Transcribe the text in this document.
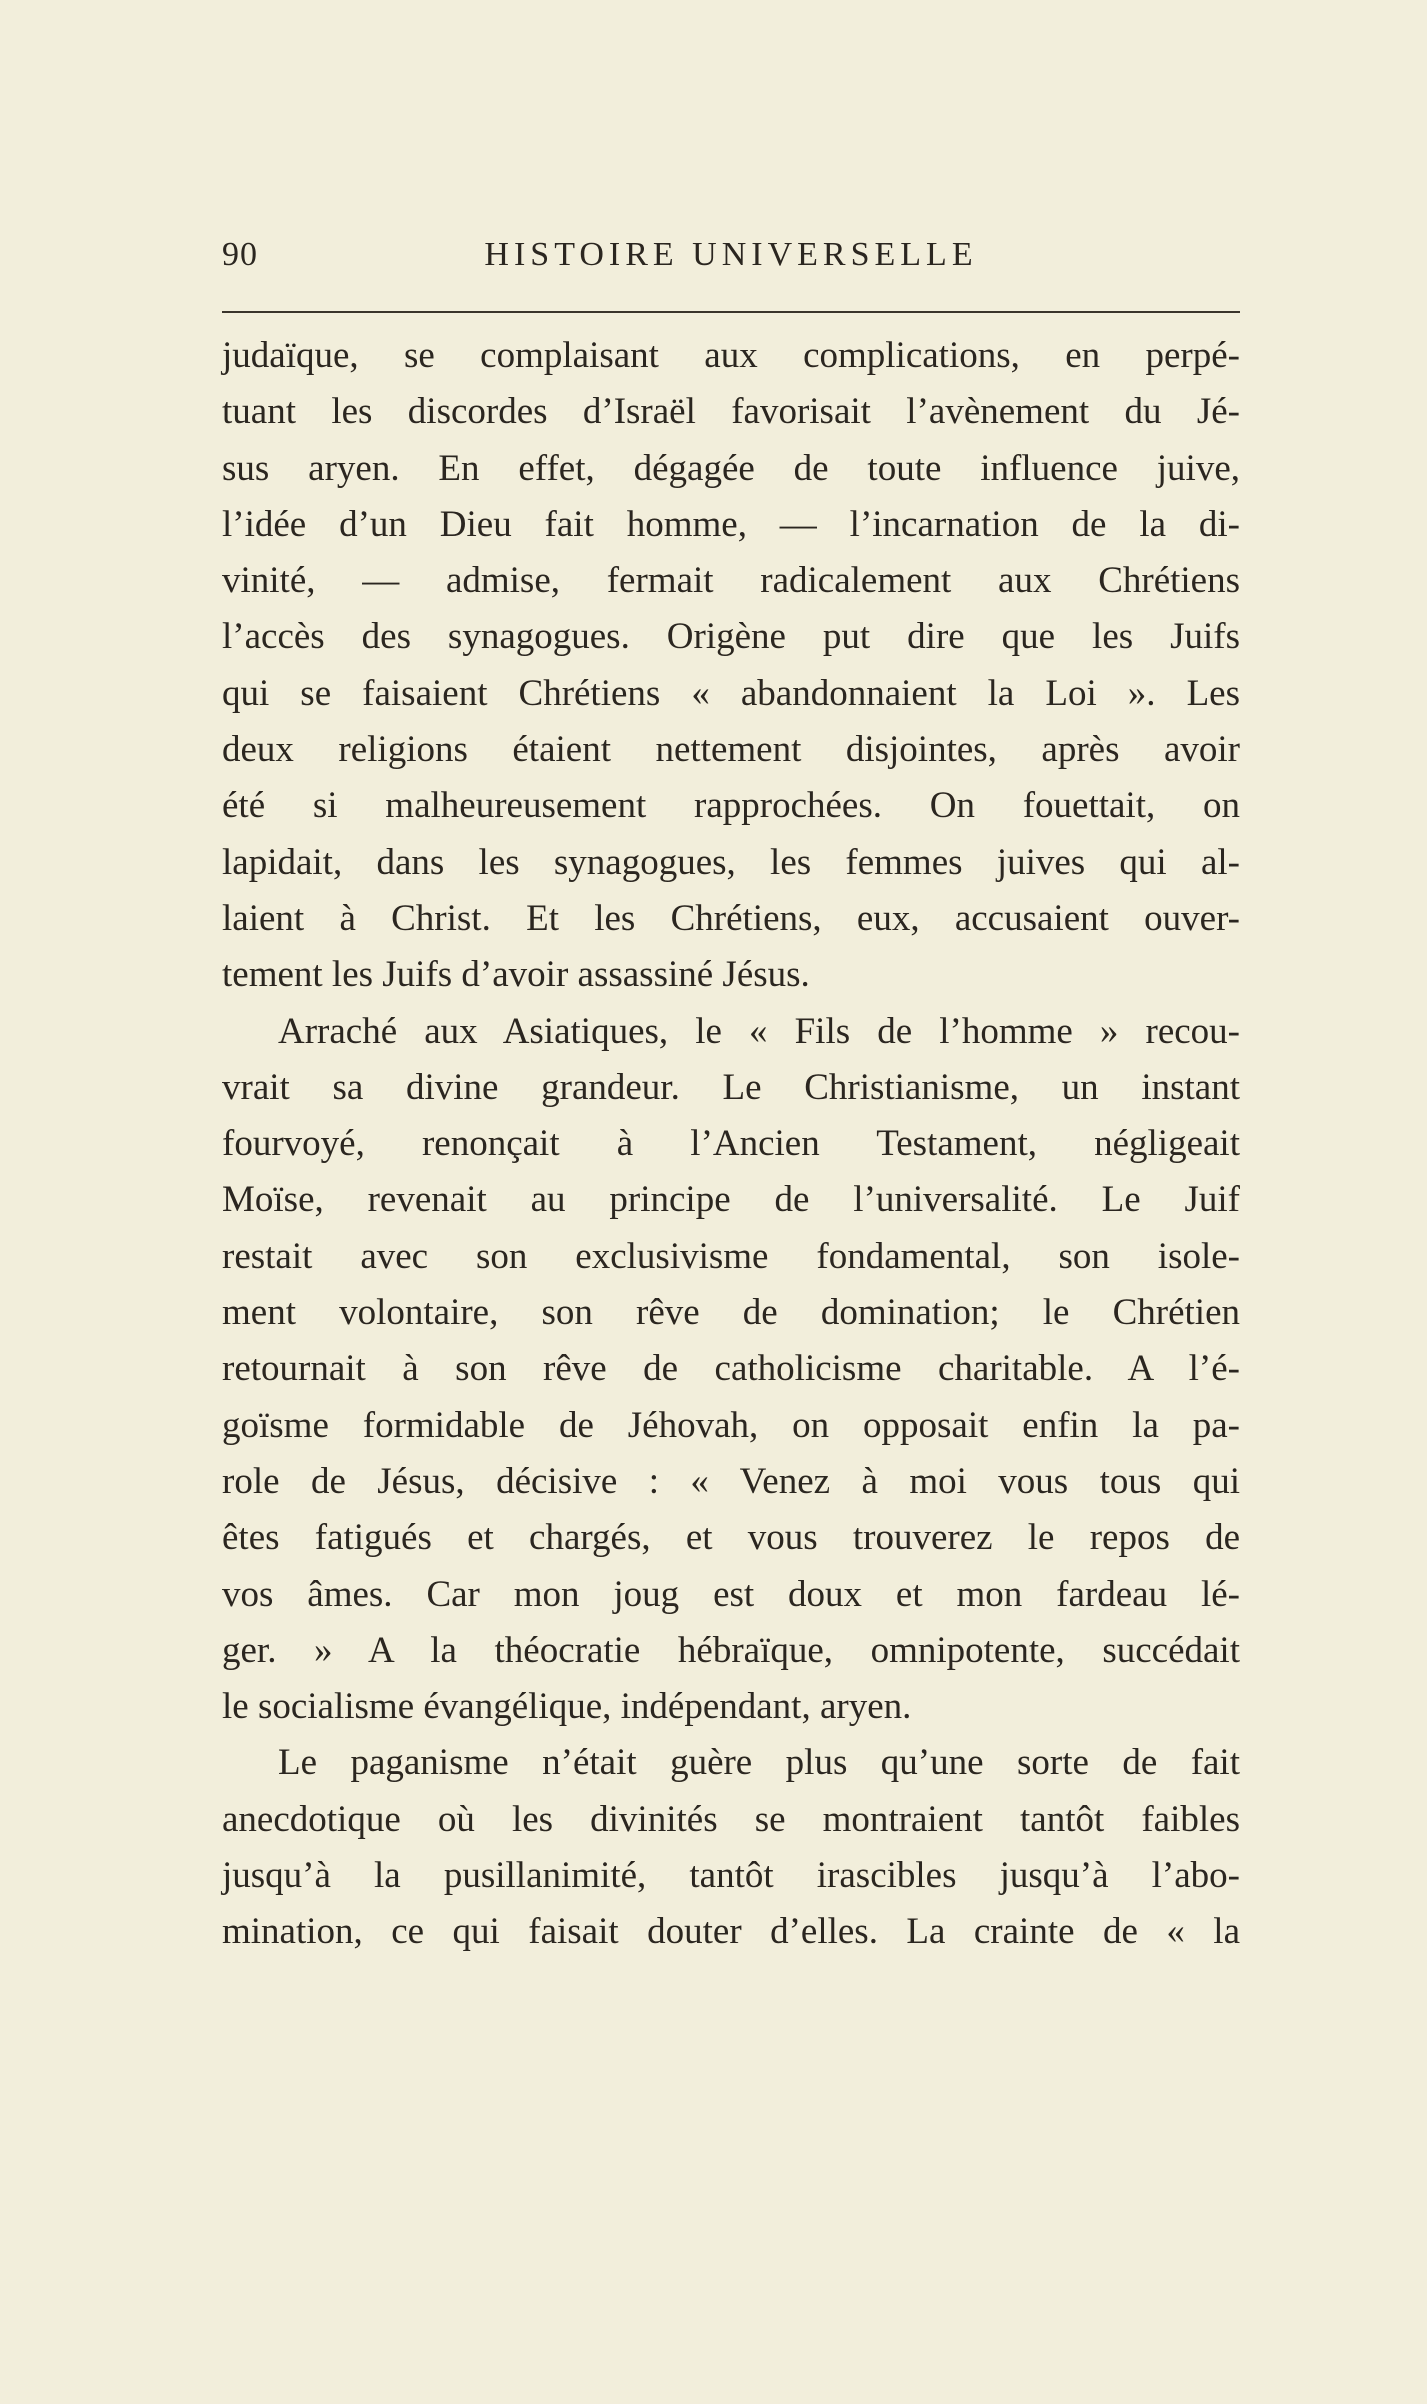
90	HISTOIRE UNIVERSELLE
judaïque, se complaisant aux complications, en perpé-
tuant les discordes d’Israël favorisait l’avènement du Jé-
sus aryen. En effet, dégagée de toute influence juive,
l’idée d’un Dieu fait homme, — l’incarnation de la di-
vinité, — admise, fermait radicalement aux Chrétiens
l’accès des synagogues. Origène put dire que les Juifs
qui se faisaient Chrétiens « abandonnaient la Loi ». Les
deux religions étaient nettement disjointes, après avoir
été si malheureusement rapprochées. On fouettait, on
lapidait, dans les synagogues, les femmes juives qui al-
laient à Christ. Et les Chrétiens, eux, accusaient ouver-
tement les Juifs d’avoir assassiné Jésus.
Arraché aux Asiatiques, le « Fils de l’homme » recou-
vrait sa divine grandeur. Le Christianisme, un instant
fourvoyé, renonçait à l’Ancien Testament, négligeait
Moïse, revenait au principe de l’universalité. Le Juif
restait avec son exclusivisme fondamental, son isole-
ment volontaire, son rêve de domination; le Chrétien
retournait à son rêve de catholicisme charitable. A l’é-
goïsme formidable de Jéhovah, on opposait enfin la pa-
role de Jésus, décisive : « Venez à moi vous tous qui
êtes fatigués et chargés, et vous trouverez le repos de
vos âmes. Car mon joug est doux et mon fardeau lé-
ger. » A la théocratie hébraïque, omnipotente, succédait
le socialisme évangélique, indépendant, aryen.
Le paganisme n’était guère plus qu’une sorte de fait
anecdotique où les divinités se montraient tantôt faibles
jusqu’à la pusillanimité, tantôt irascibles jusqu’à l’abo-
mination, ce qui faisait douter d’elles. La crainte de « la
